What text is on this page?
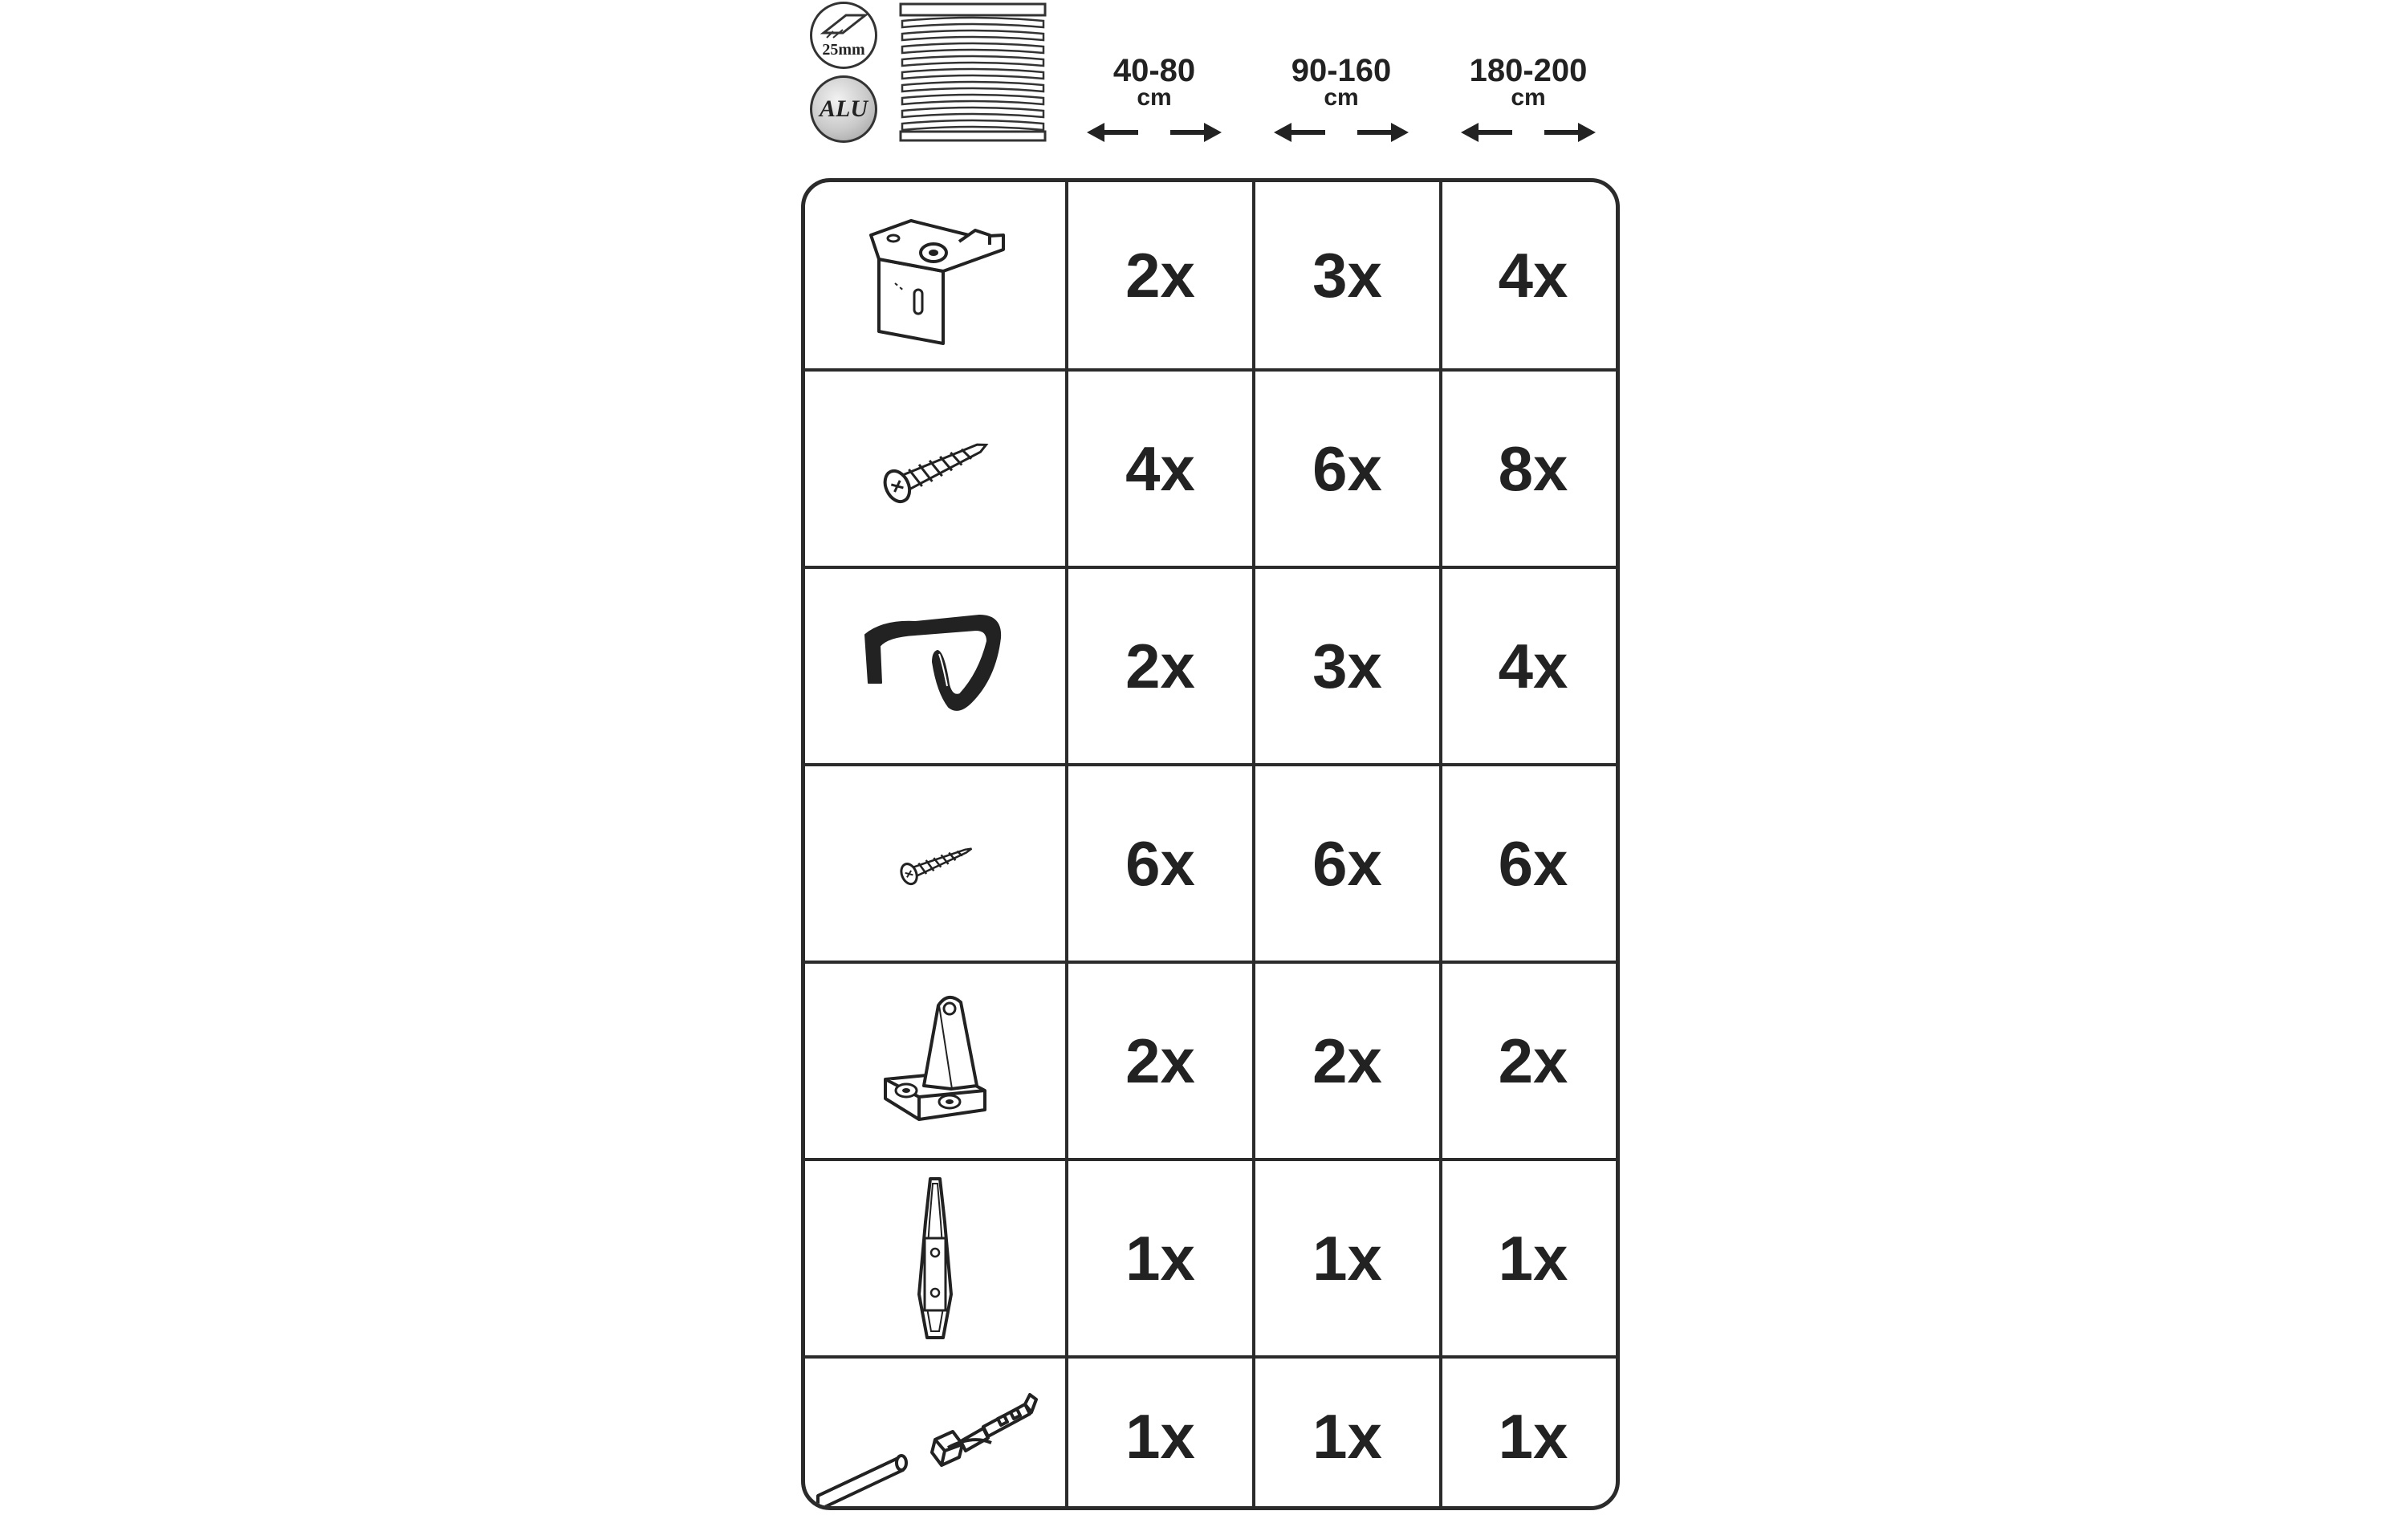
25mm
ALU
40-80
cm
90-160
cm
180-200
cm
2x 3x 4x
4x 6x 8x
2x 3x 4x
6x 6x 6x
2x 2x 2x
1x 1x 1x
1x 1x 1x
